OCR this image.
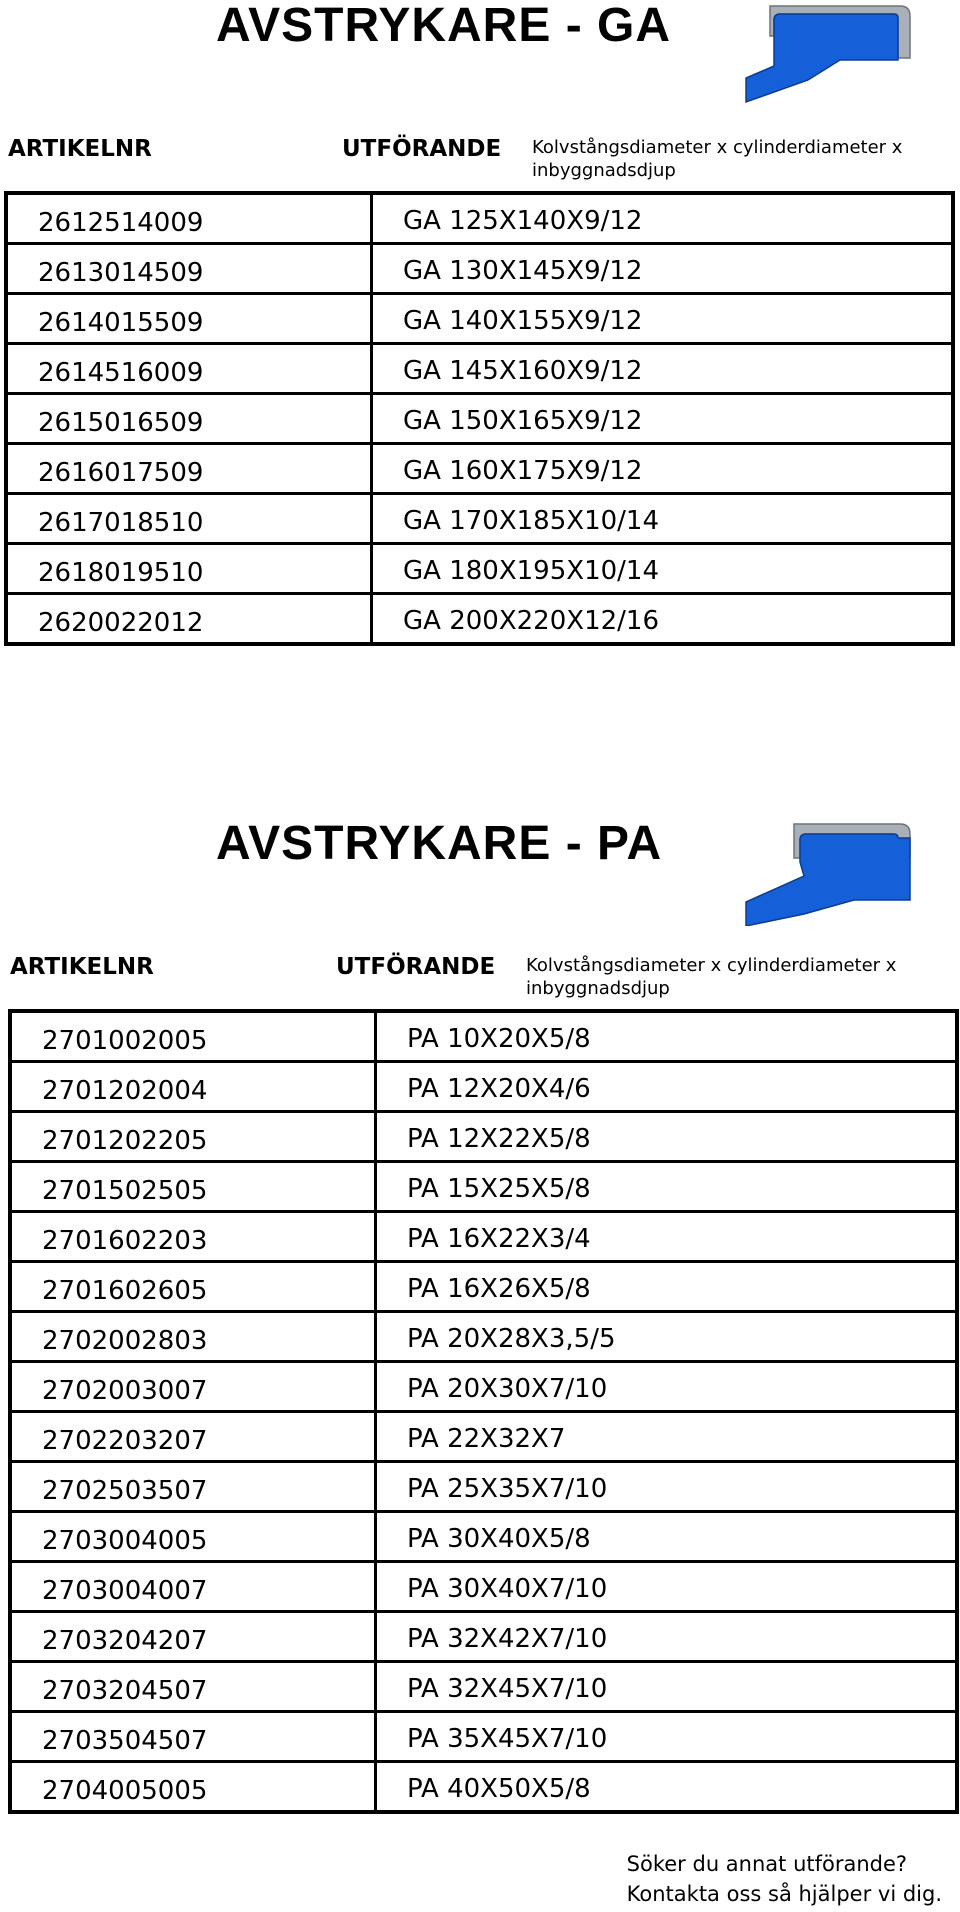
AVSTRYKARE - GA
ARTIKELNR	UTFÖRANDE Kolvstångsdiameter x cylinderdiameter x inbyggnadsdjup

2612514009	GA 125X140X9/12
2613014509	GA 130X145X9/12
2614015509	GA 140X155X9/12
2614516009	GA 145X160X9/12
2615016509	GA 150X165X9/12
2616017509	GA 160X175X9/12
2617018510	GA 170X185X10/14
2618019510	GA 180X195X10/14
2620022012	GA 200X220X12/16
AVSTRYKARE - PA
ARTIKELNR	UTFÖRANDE Kolvstångsdiameter x cylinderdiameter x inbyggnadsdjup

2701002005	PA 10X20X5/8
2701202004	PA 12X20X4/6
2701202205	PA 12X22X5/8
2701502505	PA 15X25X5/8
2701602203	PA 16X22X3/4
2701602605	PA 16X26X5/8
2702002803	PA 20X28X3,5/5
2702003007	PA 20X30X7/10
2702203207	PA 22X32X7
2702503507	PA 25X35X7/10
2703004005	PA 30X40X5/8
2703004007	PA 30X40X7/10
2703204207	PA 32X42X7/10
2703204507	PA 32X45X7/10
2703504507	PA 35X45X7/10
2704005005	PA 40X50X5/8
Söker du annat utförande?
Kontakta oss så hjälper vi dig.
